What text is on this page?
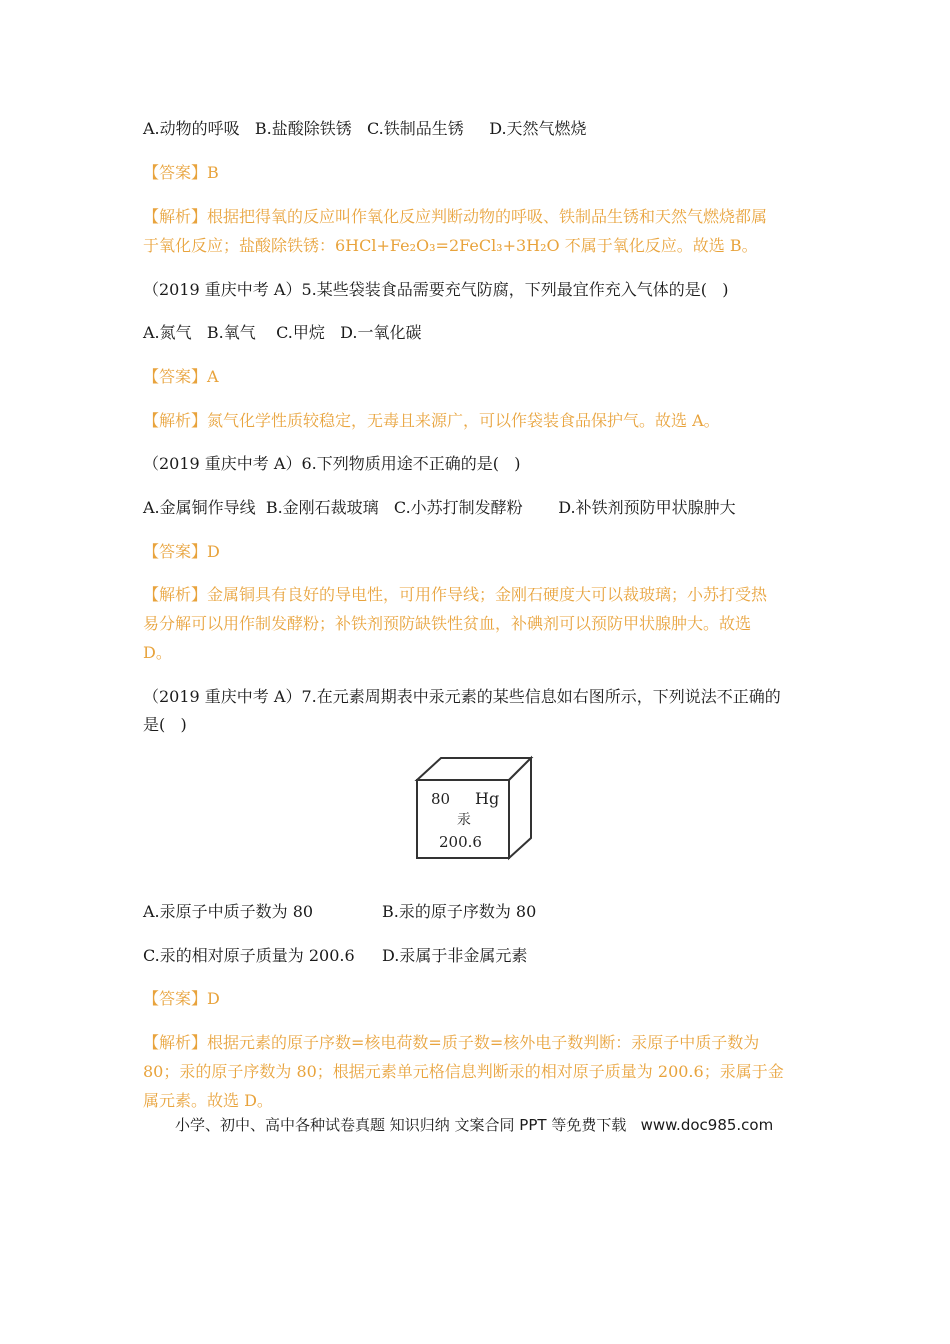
A.动物的呼吸   B.盐酸除铁锈   C.铁制品生锈     D.天然气燃烧
【答案】B
【解析】根据把得氧的反应叫作氧化反应判断动物的呼吸、铁制品生锈和天然气燃烧都属
于氧化反应；盐酸除铁锈：6HCl+Fe₂O₃=2FeCl₃+3H₂O 不属于氧化反应。故选 B。
（2019 重庆中考 A）5.某些袋装食品需要充气防腐，下列最宜作充入气体的是(   )
A.氮气   B.氧气    C.甲烷   D.一氧化碳
【答案】A
【解析】氮气化学性质较稳定，无毒且来源广，可以作袋装食品保护气。故选 A。
（2019 重庆中考 A）6.下列物质用途不正确的是(   )
A.金属铜作导线  B.金刚石裁玻璃   C.小苏打制发酵粉       D.补铁剂预防甲状腺肿大
【答案】D
【解析】金属铜具有良好的导电性，可用作导线；金刚石硬度大可以裁玻璃；小苏打受热
易分解可以用作制发酵粉；补铁剂预防缺铁性贫血，补碘剂可以预防甲状腺肿大。故选
D。
（2019 重庆中考 A）7.在元素周期表中汞元素的某些信息如右图所示，下列说法不正确的
是(   )
80 Hg
汞
200.6
A.汞原子中质子数为 80	B.汞的原子序数为 80
C.汞的相对原子质量为 200.6 D.汞属于非金属元素
【答案】D
【解析】根据元素的原子序数=核电荷数=质子数=核外电子数判断：汞原子中质子数为
80；汞的原子序数为 80；根据元素单元格信息判断汞的相对原子质量为 200.6；汞属于金
属元素。故选 D。
小学、初中、高中各种试卷真题 知识归纳 文案合同 PPT 等免费下载   www.doc985.com
